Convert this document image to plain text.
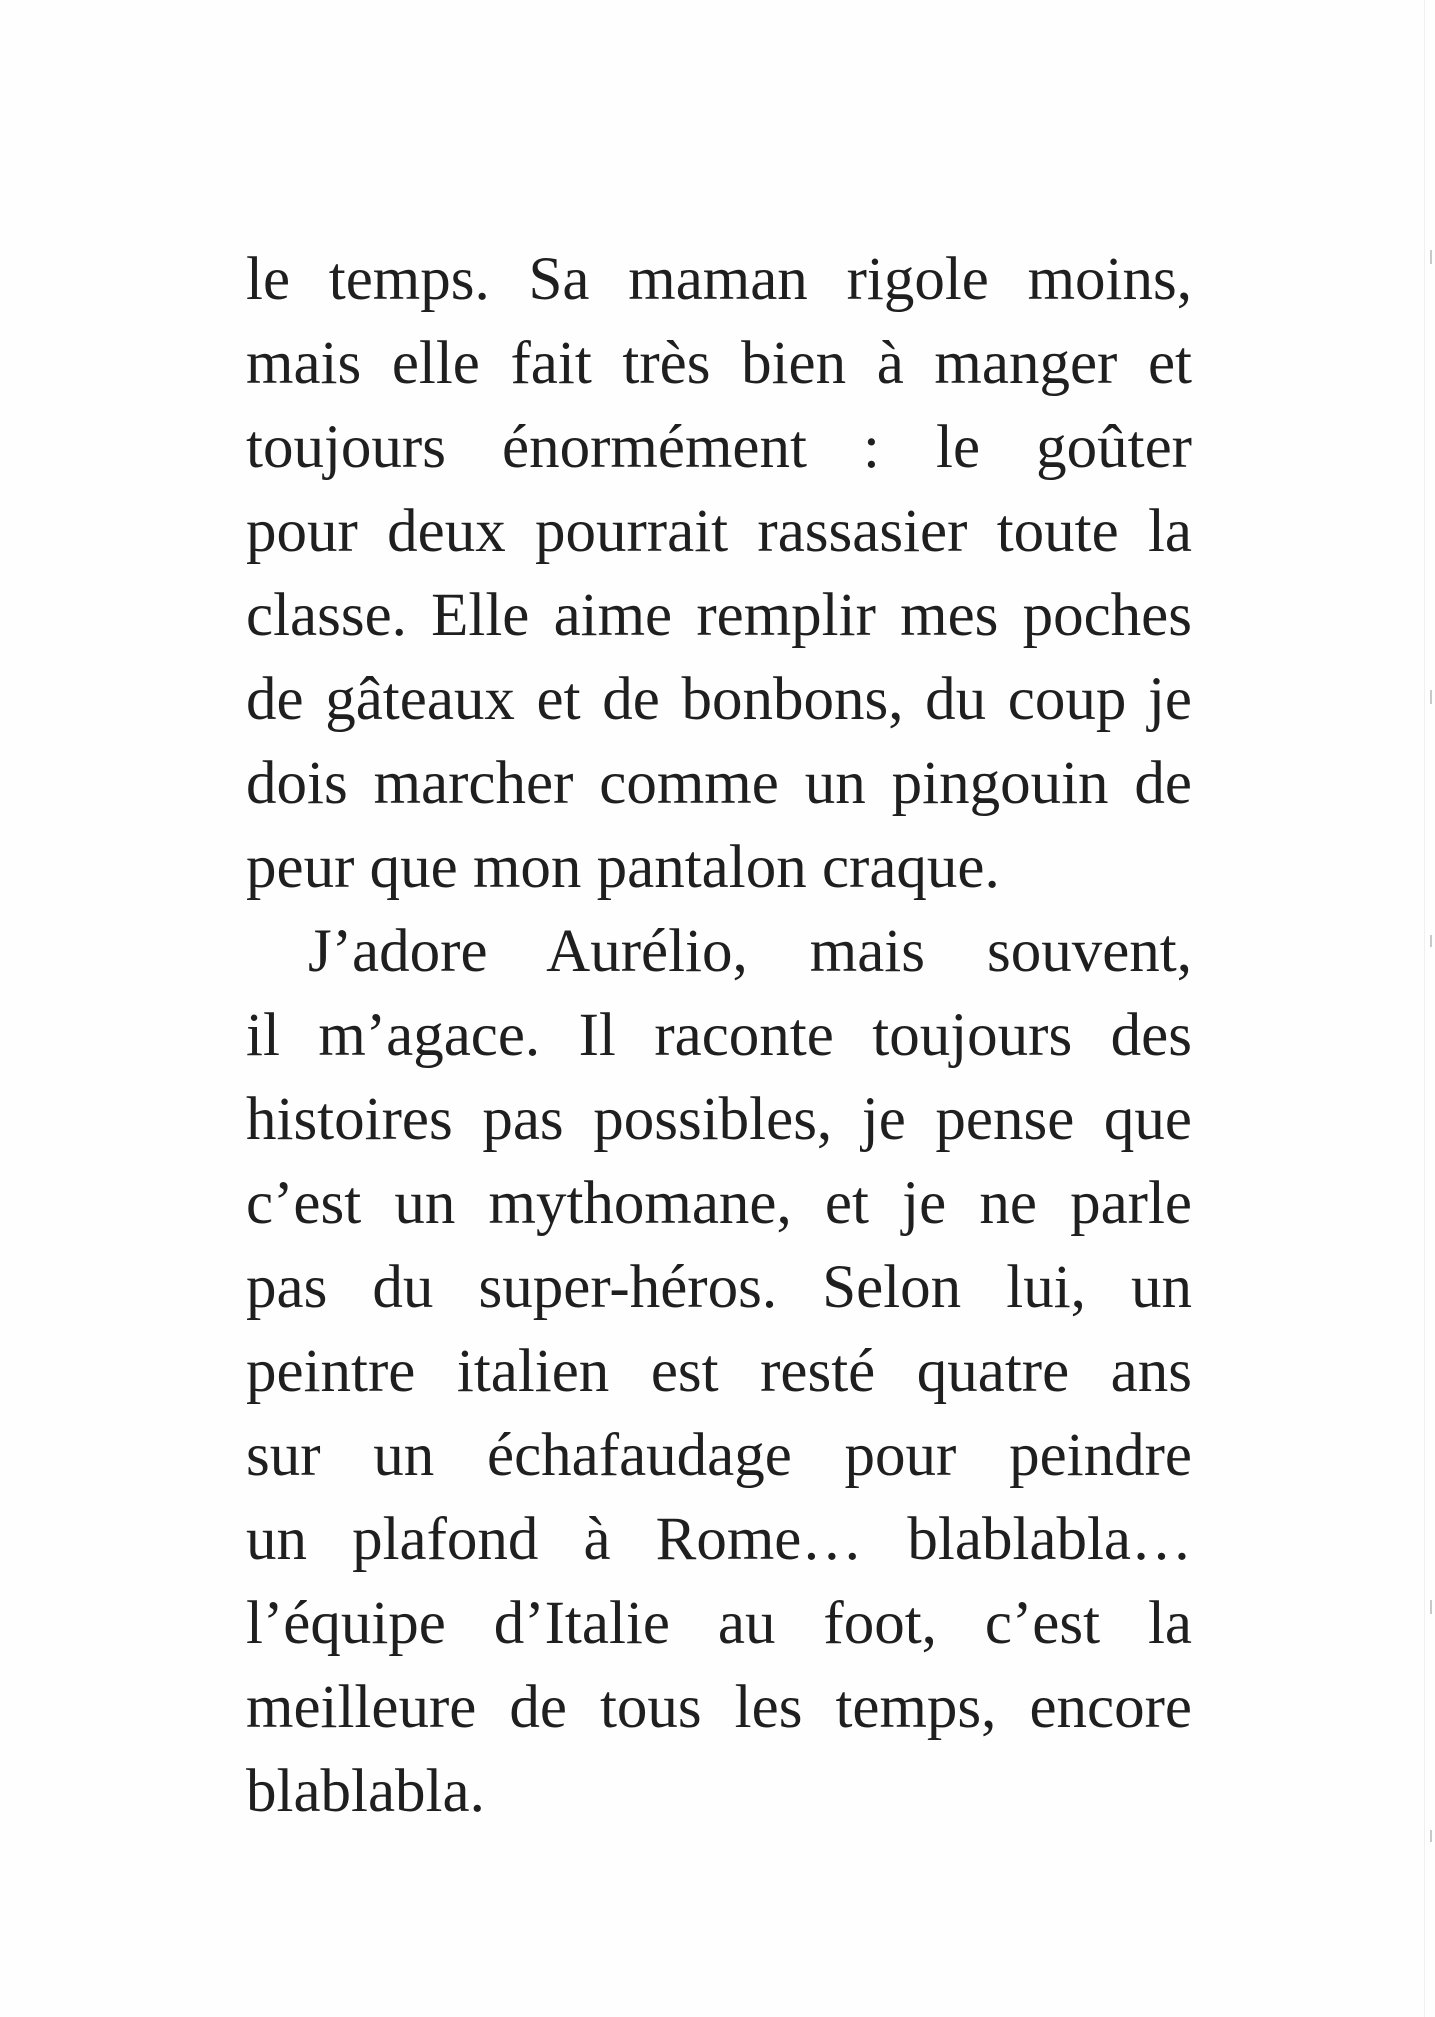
le temps. Sa maman rigole moins,
mais elle fait très bien à manger et
toujours énormément : le goûter
pour deux pourrait rassasier toute la
classe. Elle aime remplir mes poches
de gâteaux et de bonbons, du coup je
dois marcher comme un pingouin de
peur que mon pantalon craque.
J’adore Aurélio, mais souvent,
il m’agace. Il raconte toujours des
histoires pas possibles, je pense que
c’est un mythomane, et je ne parle
pas du super-héros. Selon lui, un
peintre italien est resté quatre ans
sur un échafaudage pour peindre
un plafond à Rome… blablabla…
l’équipe d’Italie au foot, c’est la
meilleure de tous les temps, encore
blablabla.
